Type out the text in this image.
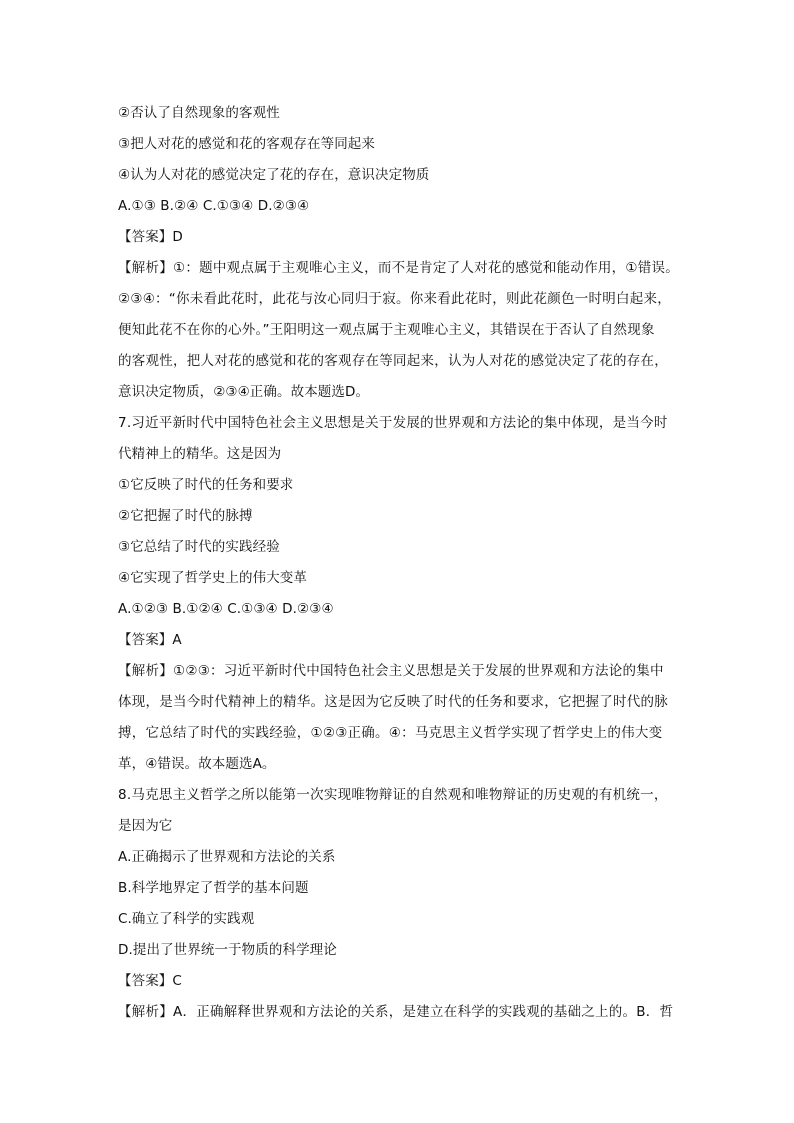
②否认了自然现象的客观性
③把人对花的感觉和花的客观存在等同起来
④认为人对花的感觉决定了花的存在，意识决定物质
A.①③ B.②④ C.①③④ D.②③④
【答案】D
【解析】①：题中观点属于主观唯心主义，而不是肯定了人对花的感觉和能动作用，①错误。
②③④：“你未看此花时，此花与汝心同归于寂。你来看此花时，则此花颜色一时明白起来，
便知此花不在你的心外。”王阳明这一观点属于主观唯心主义，其错误在于否认了自然现象
的客观性，把人对花的感觉和花的客观存在等同起来，认为人对花的感觉决定了花的存在，
意识决定物质，②③④正确。故本题选D。
7.习近平新时代中国特色社会主义思想是关于发展的世界观和方法论的集中体现，是当今时
代精神上的精华。这是因为
①它反映了时代的任务和要求
②它把握了时代的脉搏
③它总结了时代的实践经验
④它实现了哲学史上的伟大变革
A.①②③ B.①②④ C.①③④ D.②③④
【答案】A
【解析】①②③：习近平新时代中国特色社会主义思想是关于发展的世界观和方法论的集中
体现，是当今时代精神上的精华。这是因为它反映了时代的任务和要求，它把握了时代的脉
搏，它总结了时代的实践经验，①②③正确。④：马克思主义哲学实现了哲学史上的伟大变
革，④错误。故本题选A。
8.马克思主义哲学之所以能第一次实现唯物辩证的自然观和唯物辩证的历史观的有机统一，
是因为它
A.正确揭示了世界观和方法论的关系
B.科学地界定了哲学的基本问题
C.确立了科学的实践观
D.提出了世界统一于物质的科学理论
【答案】C
【解析】A．正确解释世界观和方法论的关系，是建立在科学的实践观的基础之上的。B．哲
